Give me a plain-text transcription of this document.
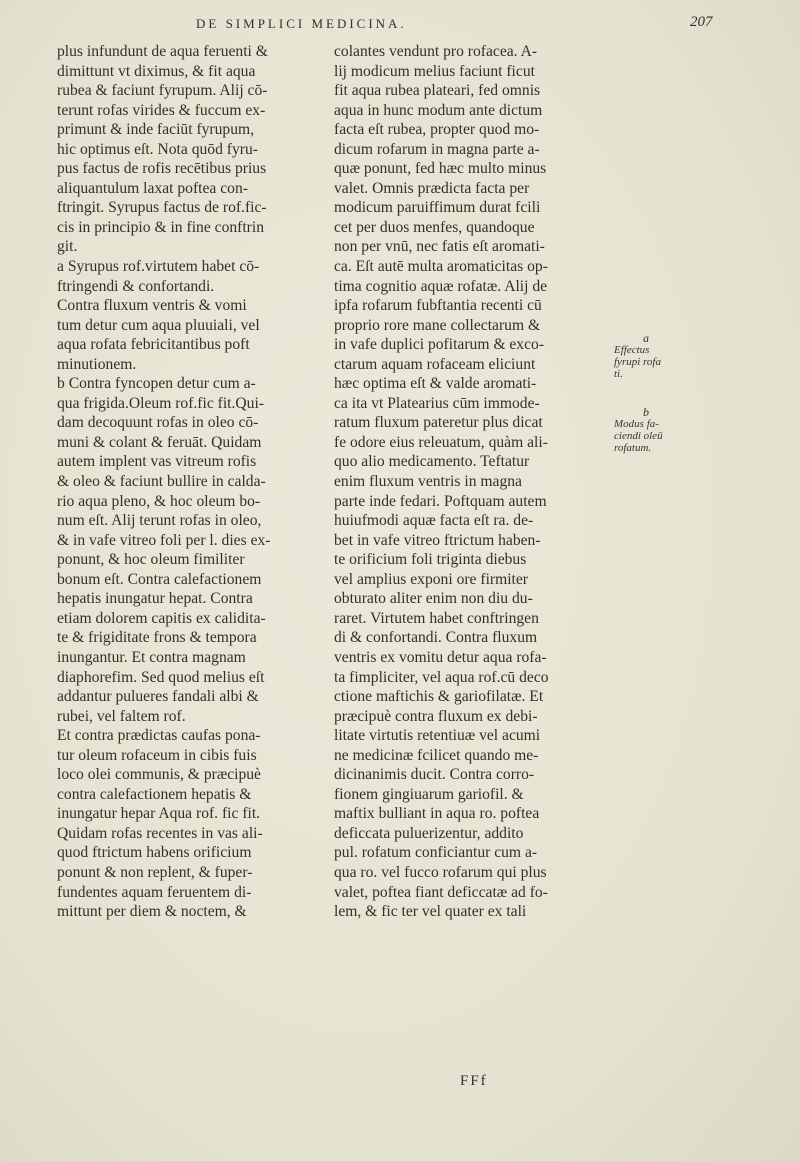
DE SIMPLICI MEDICINA.	207
plus infundunt de aqua feruenti &
dimittunt vt diximus, & fit aqua
rubea & faciunt fyrupum. Alij cō-
terunt rofas virides & fuccum ex-
primunt & inde faciūt fyrupum,
hic optimus eſt. Nota quōd fyru-
pus factus de rofis recētibus prius
aliquantulum laxat poftea con-
ftringit. Syrupus factus de rof.fic-
cis in principio & in fine conftrin
git.
a Syrupus rof.virtutem habet cō-
ftringendi & confortandi.
Contra fluxum ventris & vomi
tum detur cum aqua pluuiali, vel
aqua rofata febricitantibus poft
minutionem.
b Contra fyncopen detur cum a-
qua frigida.Oleum rof.fic fit.Qui-
dam decoquunt rofas in oleo cō-
muni & colant & feruāt. Quidam
autem implent vas vitreum rofis
& oleo & faciunt bullire in calda-
rio aqua pleno, & hoc oleum bo-
num eſt. Alij terunt rofas in oleo,
& in vafe vitreo foli per l. dies ex-
ponunt, & hoc oleum fimiliter
bonum eſt. Contra calefactionem
hepatis inungatur hepat. Contra
etiam dolorem capitis ex calidita-
te & frigiditate frons & tempora
inungantur. Et contra magnam
diaphorefim. Sed quod melius eſt
addantur pulueres fandali albi &
rubei, vel faltem rof.
Et contra prædictas caufas pona-
tur oleum rofaceum in cibis fuis
loco olei communis, & præcipuè
contra calefactionem hepatis &
inungatur hepar Aqua rof. fic fit.
Quidam rofas recentes in vas ali-
quod ftrictum habens orificium
ponunt & non replent, & fuper-
fundentes aquam feruentem di-
mittunt per diem & noctem, &
colantes vendunt pro rofacea. A-
lij modicum melius faciunt ficut
fit aqua rubea plateari, fed omnis
aqua in hunc modum ante dictum
facta eſt rubea, propter quod mo-
dicum rofarum in magna parte a-
quæ ponunt, fed hæc multo minus
valet. Omnis prædicta facta per
modicum paruiffimum durat fcili
cet per duos menfes, quandoque
non per vnū, nec fatis eſt aromati-
ca. Eſt autē multa aromaticitas op-
tima cognitio aquæ rofatæ. Alij de
ipfa rofarum fubftantia recenti cū
proprio rore mane collectarum &
in vafe duplici pofitarum & exco-
ctarum aquam rofaceam eliciunt
hæc optima eſt & valde aromati-
ca ita vt Platearius cūm immode-
ratum fluxum pateretur plus dicat
fe odore eius releuatum, quàm ali-
quo alio medicamento. Teftatur
enim fluxum ventris in magna
parte inde fedari. Poftquam autem
huiufmodi aquæ facta eſt ra. de-
bet in vafe vitreo ftrictum haben-
te orificium foli triginta diebus
vel amplius exponi ore firmiter
obturato aliter enim non diu du-
raret. Virtutem habet conftringen
di & confortandi. Contra fluxum
ventris ex vomitu detur aqua rofa-
ta fimpliciter, vel aqua rof.cū deco
ctione maftichis & gariofilatæ. Et
præcipuè contra fluxum ex debi-
litate virtutis retentiuæ vel acumi
ne medicinæ fcilicet quando me-
dicinanimis ducit. Contra corro-
fionem gingiuarum gariofil. &
maftix bulliant in aqua ro. poftea
deficcata puluerizentur, addito
pul. rofatum conficiantur cum a-
qua ro. vel fucco rofarum qui plus
valet, poftea fiant deficcatæ ad fo-
lem, & fic ter vel quater ex tali
a
Effectus
fyrupi rofa
ti.
b
Modus fa-
ciendi oleū
rofatum.
FFf
